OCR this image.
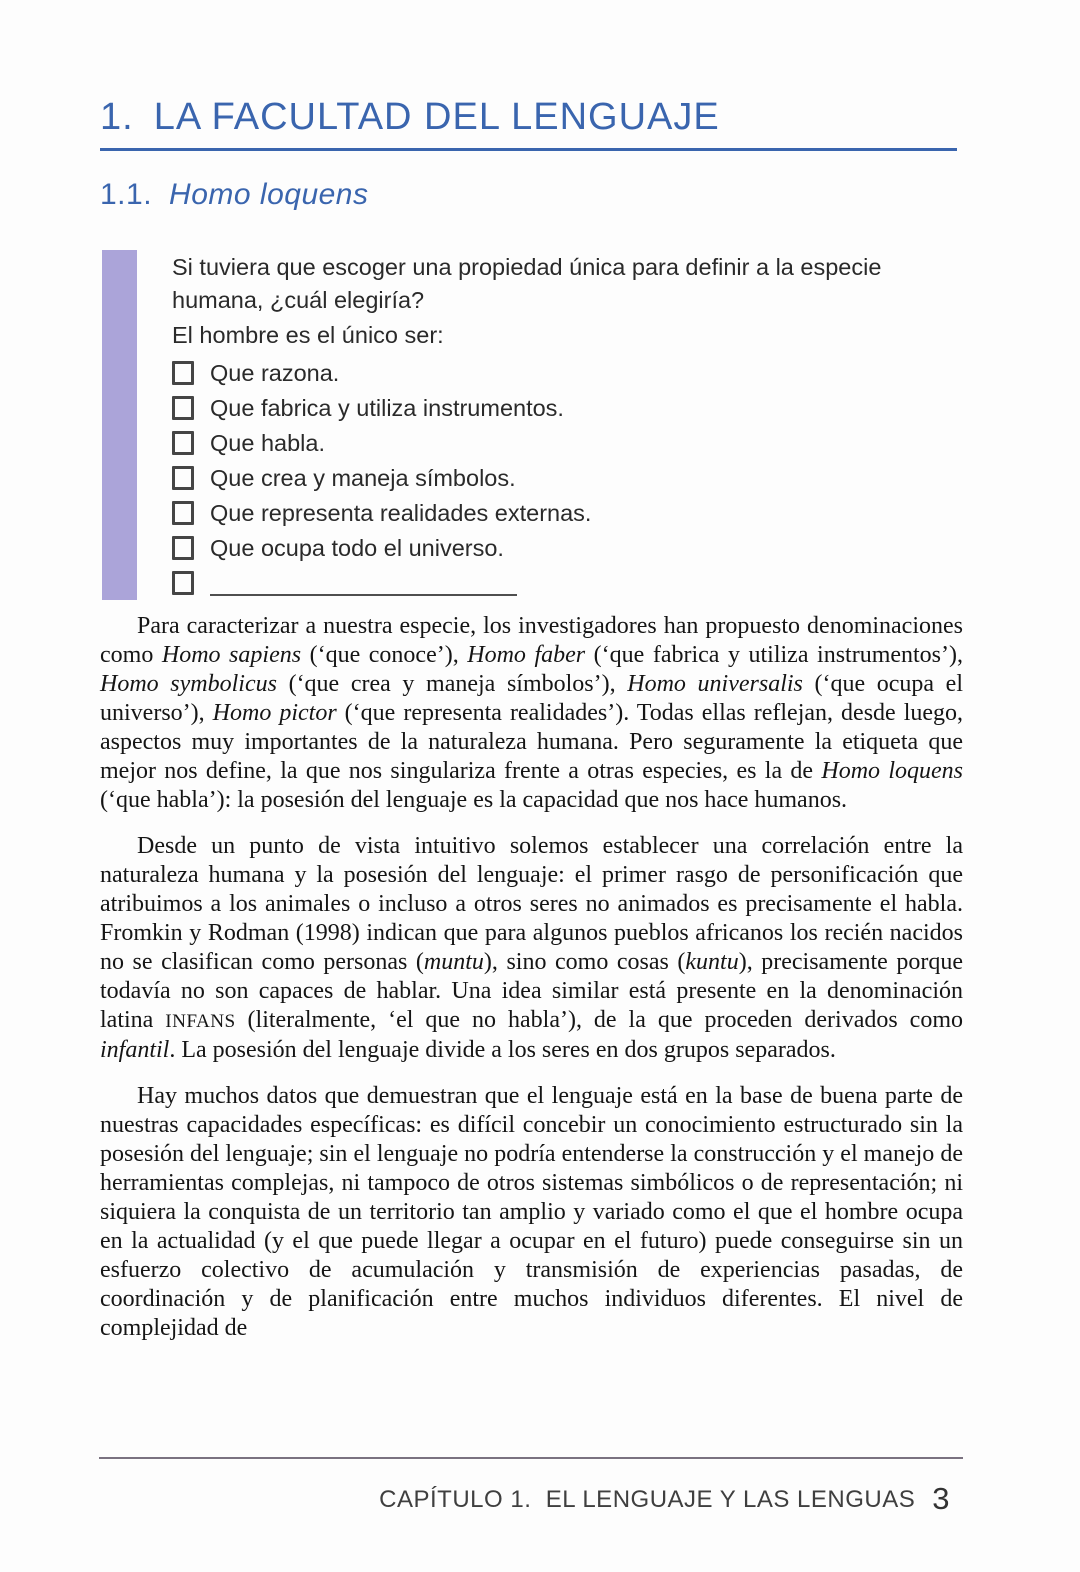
1. LA FACULTAD DEL LENGUAJE
1.1. Homo loquens

Si tuviera que escoger una propiedad única para definir a la especie humana, ¿cuál elegiría?

El hombre es el único ser:

Que razona.
Que fabrica y utiliza instrumentos.
Que habla.
Que crea y maneja símbolos.
Que representa realidades externas.
Que ocupa todo el universo.

Para caracterizar a nuestra especie, los investigadores han propuesto denominaciones como Homo sapiens (‘que conoce’), Homo faber (‘que fabrica y utiliza instrumentos’), Homo symbolicus (‘que crea y maneja símbolos’), Homo universalis (‘que ocupa el universo’), Homo pictor (‘que representa realidades’). Todas ellas reflejan, desde luego, aspectos muy importantes de la naturaleza humana. Pero seguramente la etiqueta que mejor nos define, la que nos singulariza frente a otras especies, es la de Homo loquens (‘que habla’): la posesión del lenguaje es la capacidad que nos hace humanos.

Desde un punto de vista intuitivo solemos establecer una correlación entre la naturaleza humana y la posesión del lenguaje: el primer rasgo de personificación que atribuimos a los animales o incluso a otros seres no animados es precisamente el habla. Fromkin y Rodman (1998) indican que para algunos pueblos africanos los recién nacidos no se clasifican como personas (muntu), sino como cosas (kuntu), precisamente porque todavía no son capaces de hablar. Una idea similar está presente en la denominación latina INFANS (literalmente, ‘el que no habla’), de la que proceden derivados como infantil. La posesión del lenguaje divide a los seres en dos grupos separados.

Hay muchos datos que demuestran que el lenguaje está en la base de buena parte de nuestras capacidades específicas: es difícil concebir un conocimiento estructurado sin la posesión del lenguaje; sin el lenguaje no podría entenderse la construcción y el manejo de herramientas complejas, ni tampoco de otros sistemas simbólicos o de representación; ni siquiera la conquista de un territorio tan amplio y variado como el que el hombre ocupa en la actualidad (y el que puede llegar a ocupar en el futuro) puede conseguirse sin un esfuerzo colectivo de acumulación y transmisión de experiencias pasadas, de coordinación y de planificación entre muchos individuos diferentes. El nivel de complejidad de

CAPÍTULO 1.  EL LENGUAJE Y LAS LENGUAS 3
